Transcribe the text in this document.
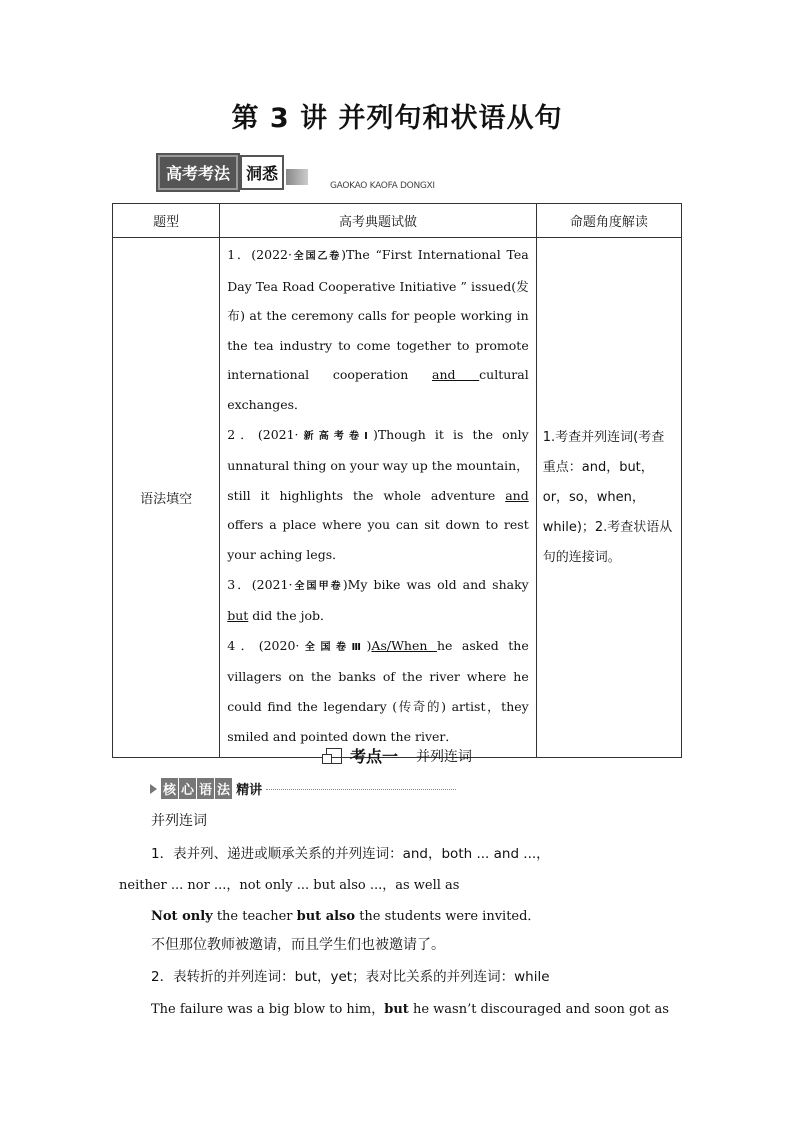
第 3 讲 并列句和状语从句
高考考法	洞悉
GAOKAO KAOFA DONGXI
题型	高考典题试做	命题角度解读
语法填空	1．(2022·全国乙卷)The “First International Tea Day Tea Road Cooperative Initiative ” issued(发布) at the ceremony calls for people working in the tea industry to come together to promote international cooperation and cultural exchanges．
2．(2021·新高考卷Ⅰ)Though it is the only unnatural thing on your way up the mountain，still it highlights the whole adventure and offers a place where you can sit down to rest your aching legs．
3．(2021·全国甲卷)My bike was old and shaky but did the job．
4．(2020·全国卷Ⅲ)As/When he asked the villagers on the banks of the river where he could find the legendary (传奇的) artist，they smiled and pointed down the river．	1.考查并列连词(考查重点：and，but，or，so，when，while)；2.考查状语从句的连接词。
考点一 并列连词
核 心 语 法 精讲
并列连词
1．表并列、递进或顺承关系的并列连词：and，both ... and ...，
neither ... nor ...，not only ... but also ...，as well as
Not only the teacher but also the students were invited．
不但那位教师被邀请，而且学生们也被邀请了。
2．表转折的并列连词：but，yet；表对比关系的并列连词：while
The failure was a big blow to him，but he wasn’t discouraged and soon got as
